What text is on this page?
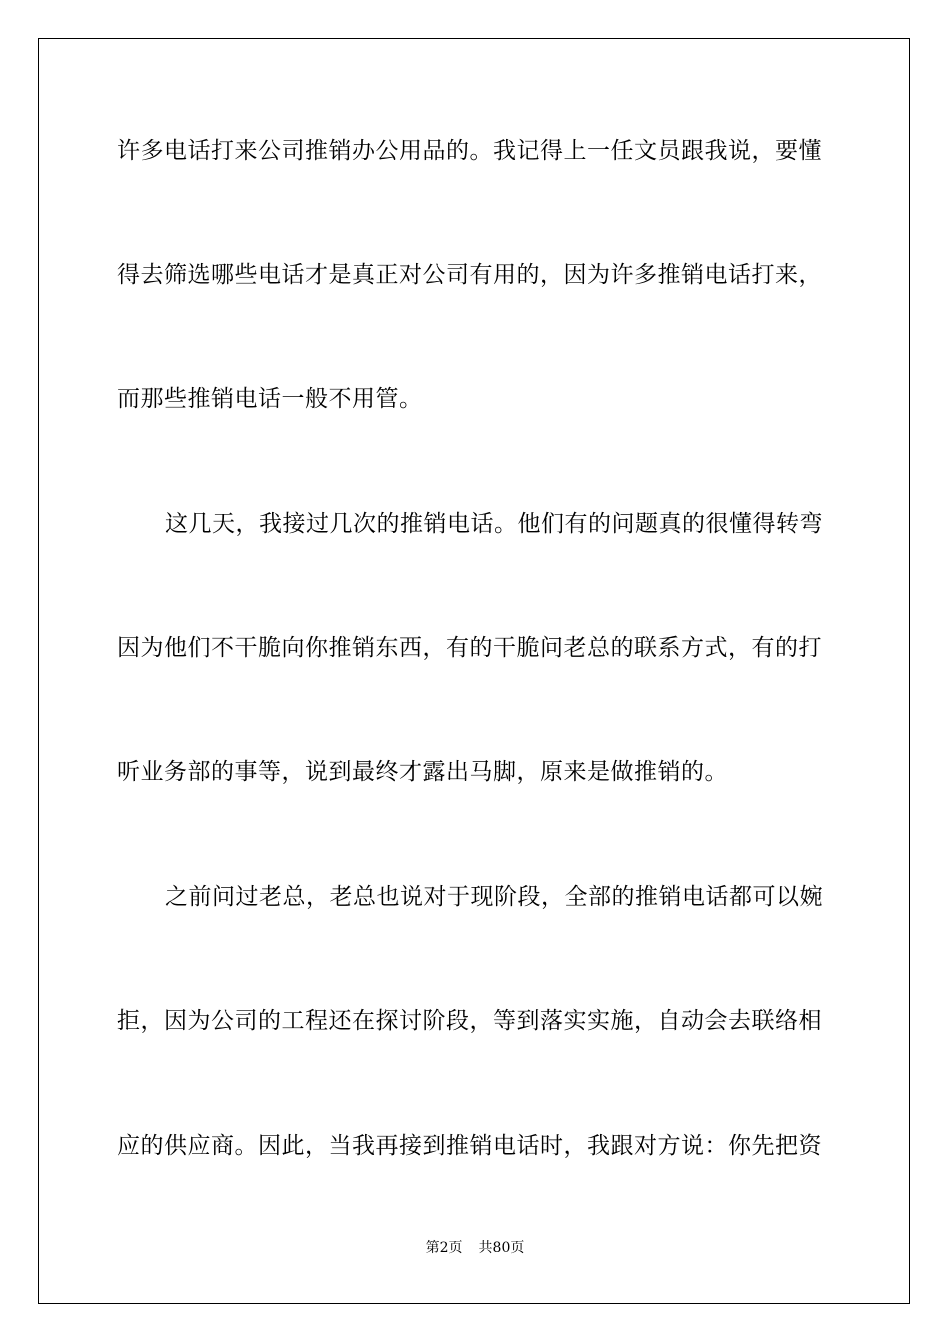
许多电话打来公司推销办公用品的。我记得上一任文员跟我说，要懂
得去筛选哪些电话才是真正对公司有用的，因为许多推销电话打来，
而那些推销电话一般不用管。
这几天，我接过几次的推销电话。他们有的问题真的很懂得转弯
因为他们不干脆向你推销东西，有的干脆问老总的联系方式，有的打
听业务部的事等，说到最终才露出马脚，原来是做推销的。
之前问过老总，老总也说对于现阶段，全部的推销电话都可以婉
拒，因为公司的工程还在探讨阶段，等到落实实施，自动会去联络相
应的供应商。因此，当我再接到推销电话时，我跟对方说：你先把资
第2页 共80页
